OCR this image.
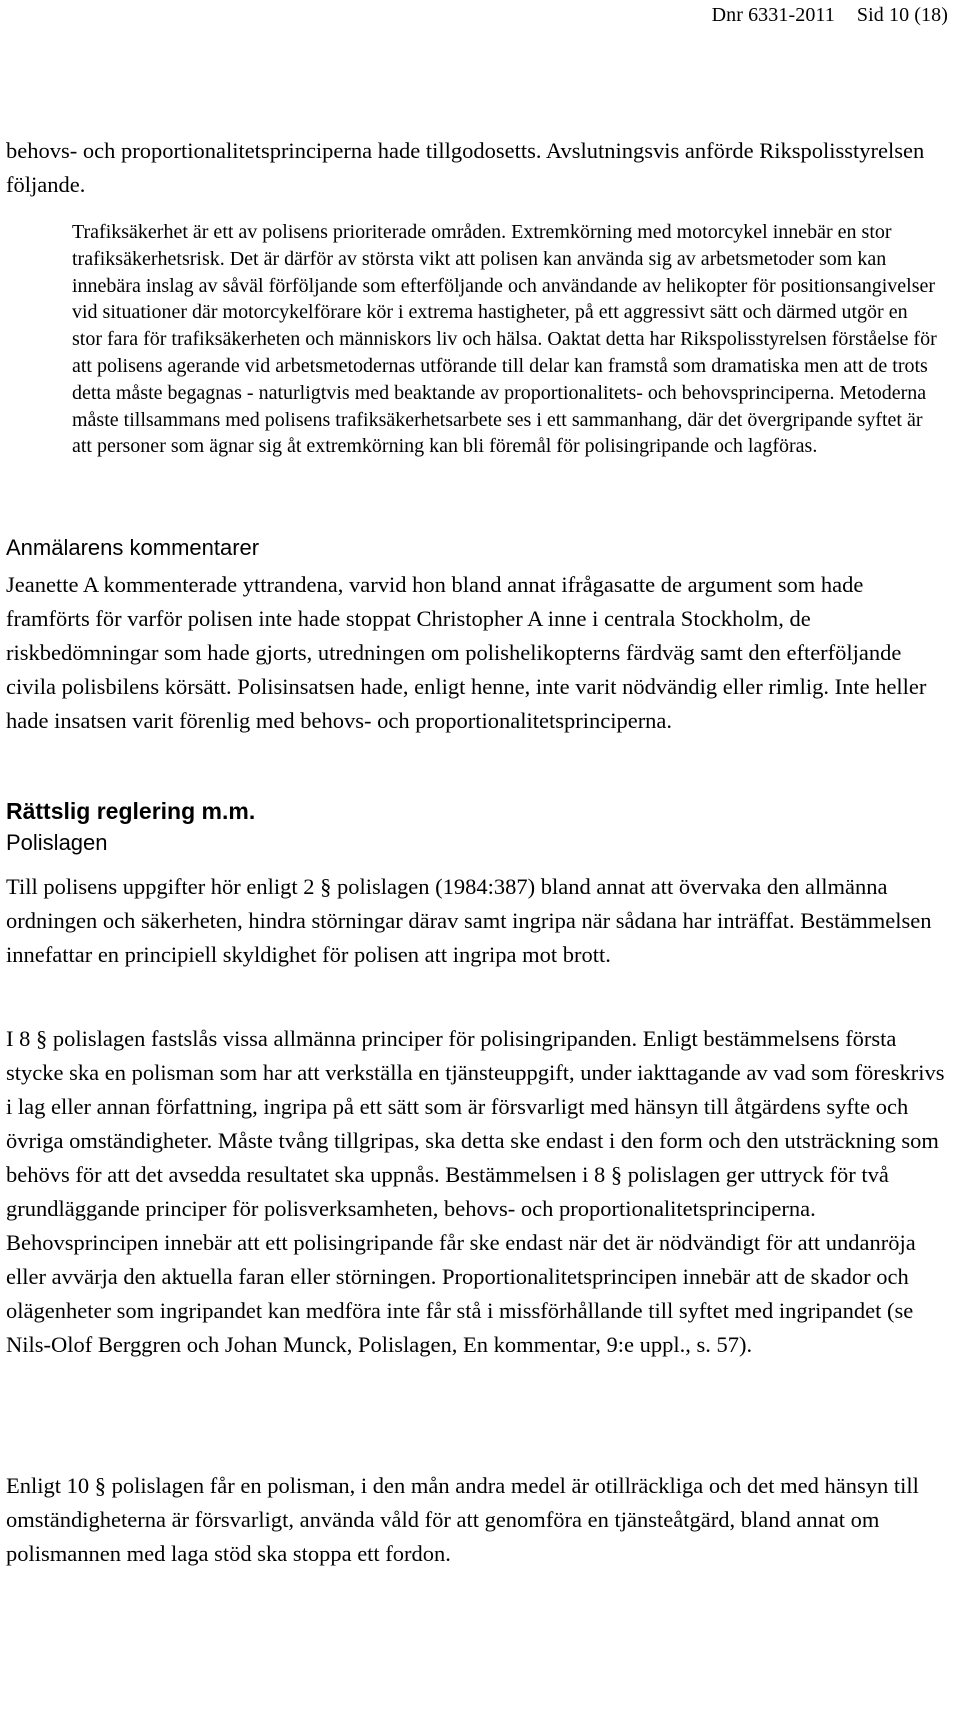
Dnr 6331-2011 Sid 10 (18)

behovs- och proportionalitetsprinciperna hade tillgodosetts. Avslutningsvis anförde Rikspolisstyrelsen följande.

Trafiksäkerhet är ett av polisens prioriterade områden. Extremkörning med motorcykel innebär en stor trafiksäkerhetsrisk. Det är därför av största vikt att polisen kan använda sig av arbetsmetoder som kan innebära inslag av såväl förföljande som efterföljande och användande av helikopter för positionsangivelser vid situationer där motorcykelförare kör i extrema hastigheter, på ett aggressivt sätt och därmed utgör en stor fara för trafiksäkerheten och människors liv och hälsa. Oaktat detta har Rikspolisstyrelsen förståelse för att polisens agerande vid arbetsmetodernas utförande till delar kan framstå som dramatiska men att de trots detta måste begagnas - naturligtvis med beaktande av proportionalitets- och behovsprinciperna. Metoderna måste tillsammans med polisens trafiksäkerhetsarbete ses i ett sammanhang, där det övergripande syftet är att personer som ägnar sig åt extremkörning kan bli föremål för polisingripande och lagföras.

Anmälarens kommentarer

Jeanette A kommenterade yttrandena, varvid hon bland annat ifrågasatte de argument som hade framförts för varför polisen inte hade stoppat Christopher A inne i centrala Stockholm, de riskbedömningar som hade gjorts, utredningen om polishelikopterns färdväg samt den efterföljande civila polisbilens körsätt. Polisinsatsen hade, enligt henne, inte varit nödvändig eller rimlig. Inte heller hade insatsen varit förenlig med behovs- och proportionalitetsprinciperna.

Rättslig reglering m.m.
Polislagen

Till polisens uppgifter hör enligt 2 § polislagen (1984:387) bland annat att övervaka den allmänna ordningen och säkerheten, hindra störningar därav samt ingripa när sådana har inträffat. Bestämmelsen innefattar en principiell skyldighet för polisen att ingripa mot brott.

I 8 § polislagen fastslås vissa allmänna principer för polisingripanden. Enligt bestämmelsens första stycke ska en polisman som har att verkställa en tjänsteuppgift, under iakttagande av vad som föreskrivs i lag eller annan författning, ingripa på ett sätt som är försvarligt med hänsyn till åtgärdens syfte och övriga omständigheter. Måste tvång tillgripas, ska detta ske endast i den form och den utsträckning som behövs för att det avsedda resultatet ska uppnås. Bestämmelsen i 8 § polislagen ger uttryck för två grundläggande principer för polisverksamheten, behovs- och proportionalitetsprinciperna. Behovsprincipen innebär att ett polisingripande får ske endast när det är nödvändigt för att undanröja eller avvärja den aktuella faran eller störningen. Proportionalitetsprincipen innebär att de skador och olägenheter som ingripandet kan medföra inte får stå i missförhållande till syftet med ingripandet (se Nils-Olof Berggren och Johan Munck, Polislagen, En kommentar, 9:e uppl., s. 57).

Enligt 10 § polislagen får en polisman, i den mån andra medel är otillräckliga och det med hänsyn till omständigheterna är försvarligt, använda våld för att genomföra en tjänsteåtgärd, bland annat om polismannen med laga stöd ska stoppa ett fordon.
